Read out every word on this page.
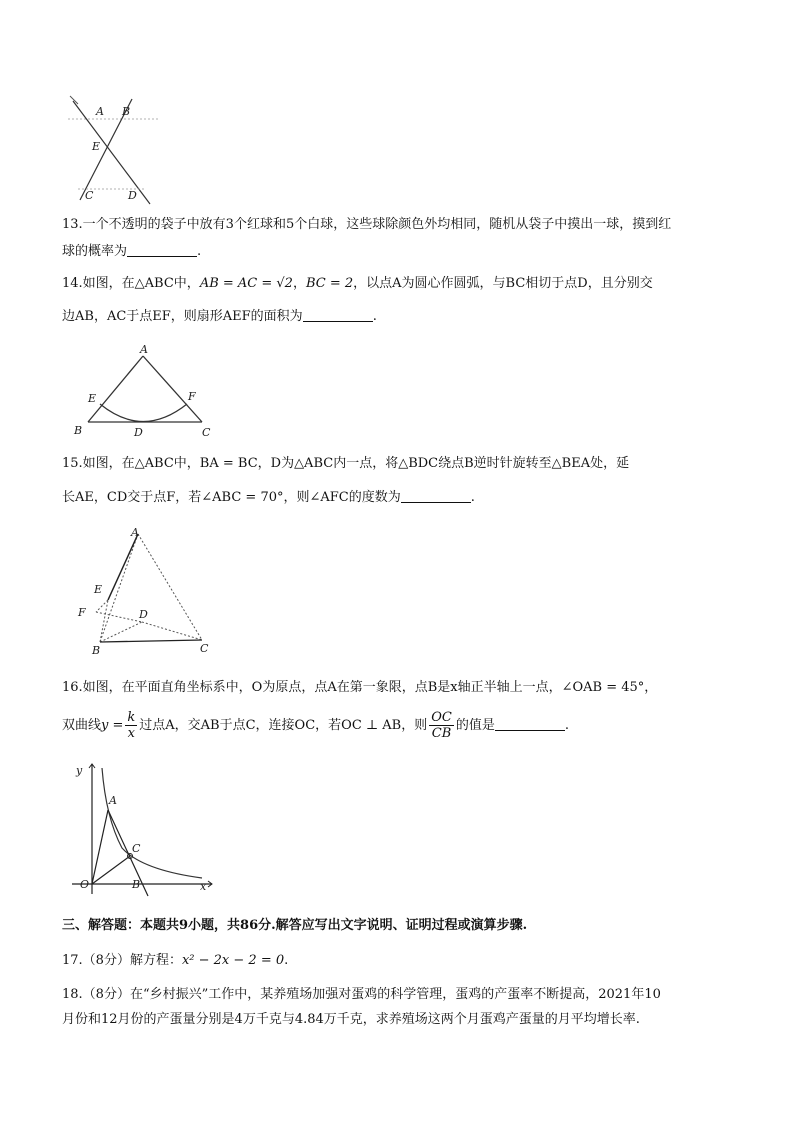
A B
E
C	D
13.一个不透明的袋子中放有3个红球和5个白球，这些球除颜色外均相同，随机从袋子中摸出一球，摸到红
球的概率为	.
14.如图，在△ABC中，AB = AC = √2，BC = 2，以点A为圆心作圆弧，与BC相切于点D，且分别交
边AB，AC于点EF，则扇形AEF的面积为	.
A
E	F
B	D	C
15.如图，在△ABC中，BA = BC，D为△ABC内一点，将△BDC绕点B逆时针旋转至△BEA处，延
长AE，CD交于点F，若∠ABC = 70°，则∠AFC的度数为	.
A
E
F	D
B	C
16.如图，在平面直角坐标系中，O为原点，点A在第一象限，点B是x轴正半轴上一点，∠OAB = 45°，
双曲线$y = \frac{k}{x}$ 过点A，交AB于点C，连接OC，若OC ⊥ AB，则 $\frac{OC}{CB}$ 的值是	.
y
A
C
O	B	x
三、解答题：本题共9小题，共86分.解答应写出文字说明、证明过程或演算步骤.
17.（8分）解方程：x² − 2x − 2 = 0.
18.（8分）在“乡村振兴”工作中，某养殖场加强对蛋鸡的科学管理，蛋鸡的产蛋率不断提高，2021年10
月份和12月份的产蛋量分别是4万千克与4.84万千克，求养殖场这两个月蛋鸡产蛋量的月平均增长率.
